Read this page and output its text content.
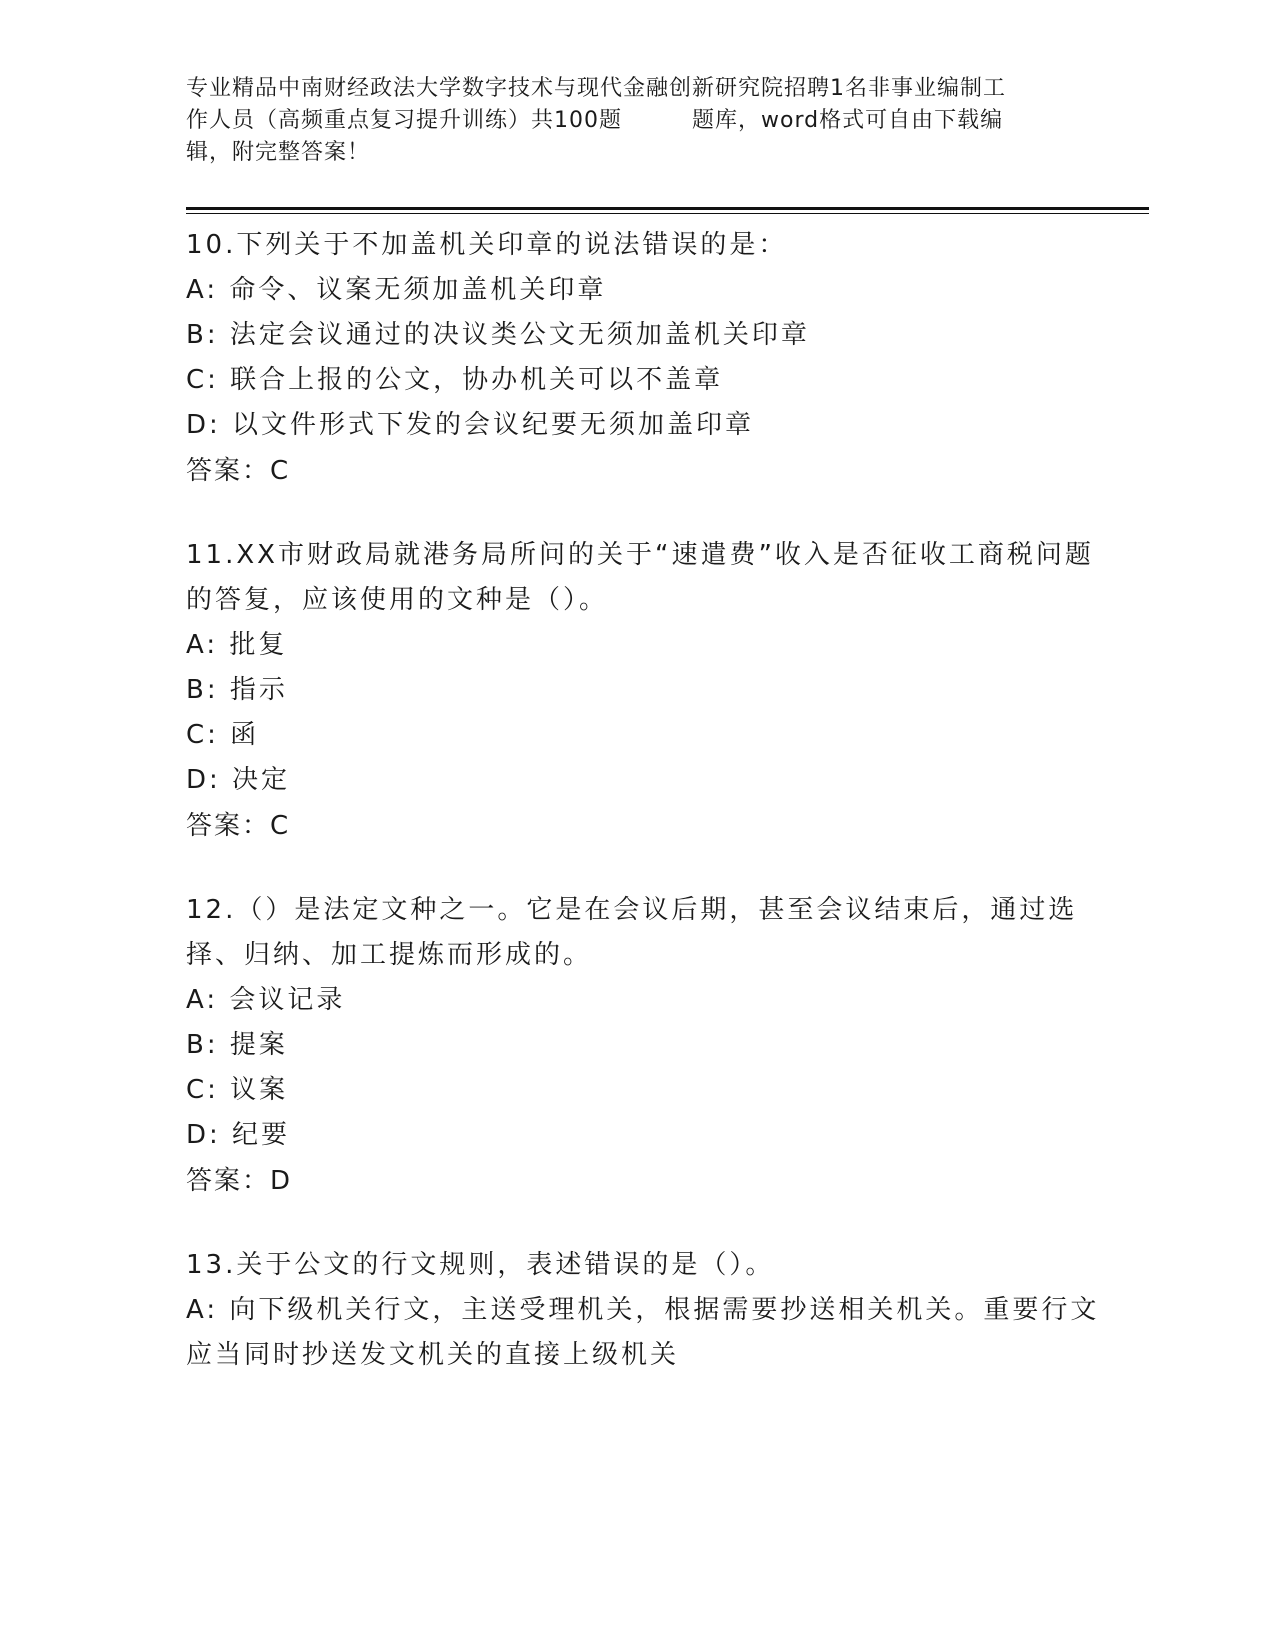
专业精品中南财经政法大学数字技术与现代金融创新研究院招聘1名非事业编制工
作人员（高频重点复习提升训练）共100题	题库，word格式可自由下载编
辑，附完整答案！

10.下列关于不加盖机关印章的说法错误的是：

A: 命令、议案无须加盖机关印章

B: 法定会议通过的决议类公文无须加盖机关印章

C: 联合上报的公文，协办机关可以不盖章

D: 以文件形式下发的会议纪要无须加盖印章

答案：C

11.XX市财政局就港务局所问的关于“速遣费”收入是否征收工商税问题的答复，应该使用的文种是（）。

A: 批复

B: 指示

C: 函

D: 决定

答案：C

12.（）是法定文种之一。它是在会议后期，甚至会议结束后，通过选择、归纳、加工提炼而形成的。

A: 会议记录

B: 提案

C: 议案

D: 纪要

答案：D

13.关于公文的行文规则，表述错误的是（）。

A: 向下级机关行文，主送受理机关，根据需要抄送相关机关。重要行文应当同时抄送发文机关的直接上级机关
